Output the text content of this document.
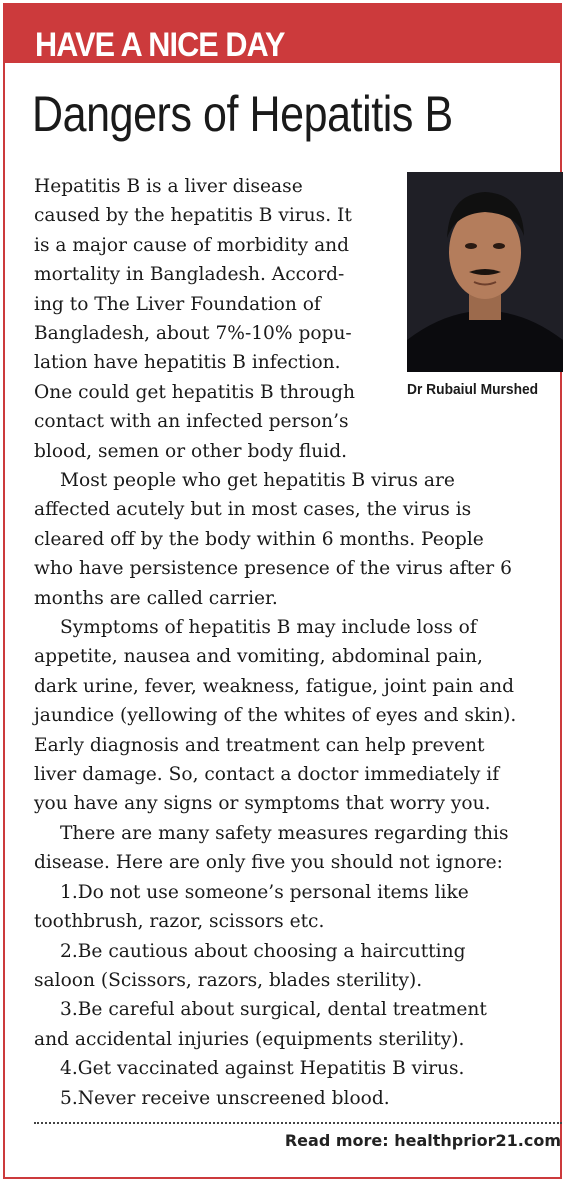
HAVE A NICE DAY
Dangers of Hepatitis B
Dr Rubaiul Murshed
Hepatitis B is a liver disease
caused by the hepatitis B virus. It
is a major cause of morbidity and
mortality in Bangladesh. Accord-
ing to The Liver Foundation of
Bangladesh, about 7%-10% popu-
lation have hepatitis B infection.
One could get hepatitis B through
contact with an infected person’s
blood, semen or other body fluid.
Most people who get hepatitis B virus are
affected acutely but in most cases, the virus is
cleared off by the body within 6 months. People
who have persistence presence of the virus after 6
months are called carrier.
Symptoms of hepatitis B may include loss of
appetite, nausea and vomiting, abdominal pain,
dark urine, fever, weakness, fatigue, joint pain and
jaundice (yellowing of the whites of eyes and skin).
Early diagnosis and treatment can help prevent
liver damage. So, contact a doctor immediately if
you have any signs or symptoms that worry you.
There are many safety measures regarding this
disease. Here are only five you should not ignore:
1.Do not use someone’s personal items like
toothbrush, razor, scissors etc.
2.Be cautious about choosing a haircutting
saloon (Scissors, razors, blades sterility).
3.Be careful about surgical, dental treatment
and accidental injuries (equipments sterility).
4.Get vaccinated against Hepatitis B virus.
5.Never receive unscreened blood.
Read more: healthprior21.com
